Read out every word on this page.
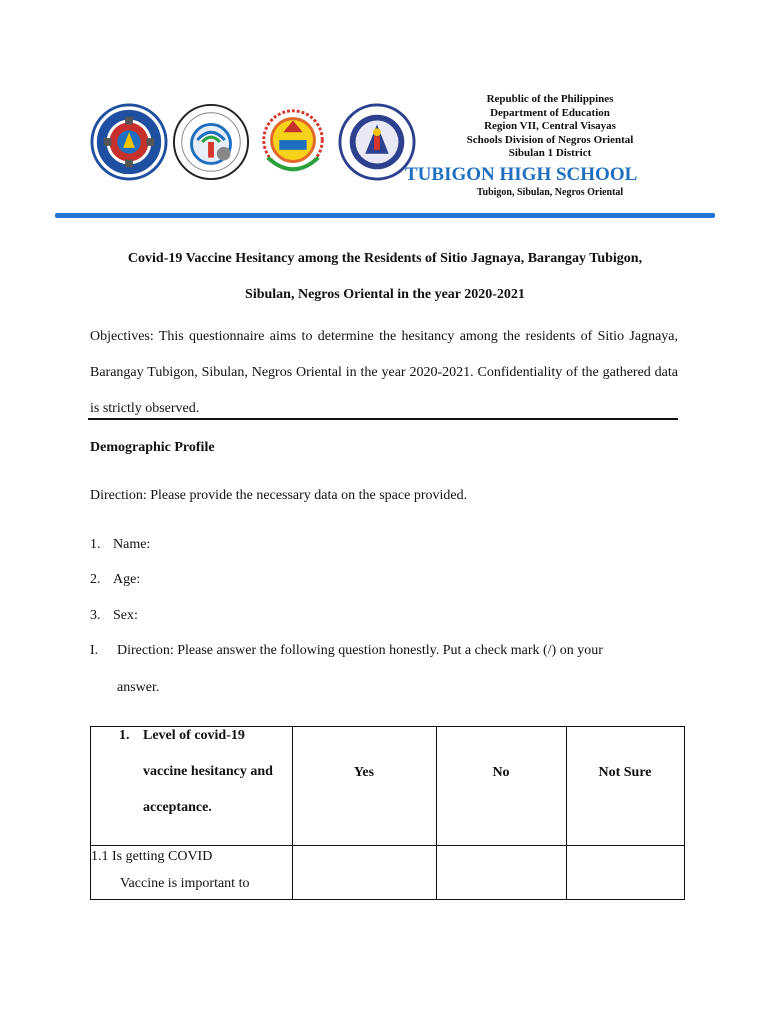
Republic of the Philippines
Department of Education
Region VII, Central Visayas
Schools Division of Negros Oriental
Sibulan 1 District
TUBIGON HIGH SCHOOL
Tubigon, Sibulan, Negros Oriental
Covid-19 Vaccine Hesitancy among the Residents of Sitio Jagnaya, Barangay Tubigon,
Sibulan, Negros Oriental in the year 2020-2021
Objectives: This questionnaire aims to determine the hesitancy among the residents of Sitio Jagnaya, Barangay Tubigon, Sibulan, Negros Oriental in the year 2020-2021. Confidentiality of the gathered data is strictly observed.
Demographic Profile
Direction: Please provide the necessary data on the space provided.
1. Name:
2. Age:
3. Sex:
I. Direction: Please answer the following question honestly. Put a check mark (/) on your
answer.
1. Level of covid-19
vaccine hesitancy and
acceptance.
Yes	No	Not Sure
1.1 Is getting COVID
Vaccine is important to
